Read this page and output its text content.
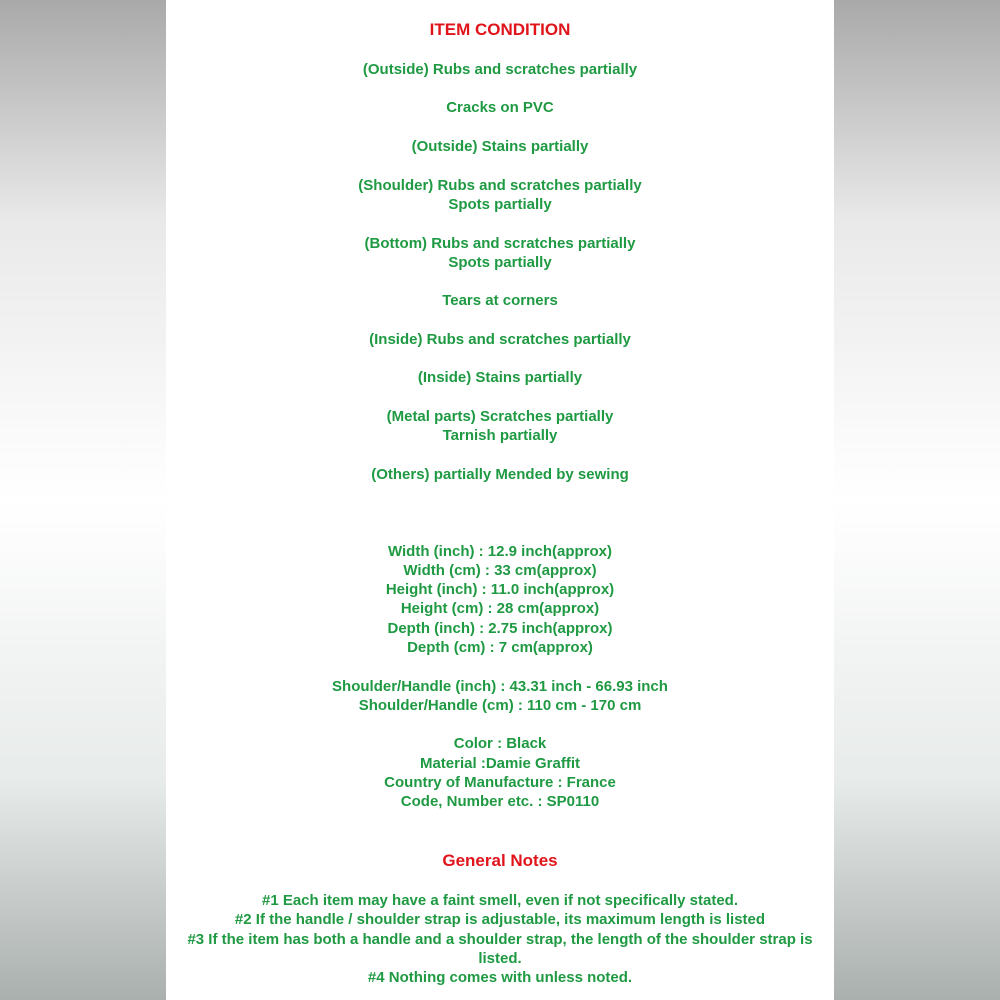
ITEM CONDITION
(Outside) Rubs and scratches partially
Cracks on PVC
(Outside) Stains partially
(Shoulder) Rubs and scratches partially
Spots partially
(Bottom) Rubs and scratches partially
Spots partially
Tears at corners
(Inside) Rubs and scratches partially
(Inside) Stains partially
(Metal parts) Scratches partially
Tarnish partially
(Others) partially Mended by sewing
Width (inch) : 12.9 inch(approx)
Width (cm) : 33 cm(approx)
Height (inch) : 11.0 inch(approx)
Height (cm) : 28 cm(approx)
Depth (inch) : 2.75 inch(approx)
Depth (cm) : 7 cm(approx)
Shoulder/Handle (inch) : 43.31 inch - 66.93 inch
Shoulder/Handle (cm) : 110 cm - 170 cm
Color : Black
Material :Damie Graffit
Country of Manufacture : France
Code, Number etc. : SP0110
General Notes
#1 Each item may have a faint smell, even if not specifically stated.
#2 If the handle / shoulder strap is adjustable, its maximum length is listed
#3 If the item has both a handle and a shoulder strap, the length of the shoulder strap is
listed.
#4 Nothing comes with unless noted.
